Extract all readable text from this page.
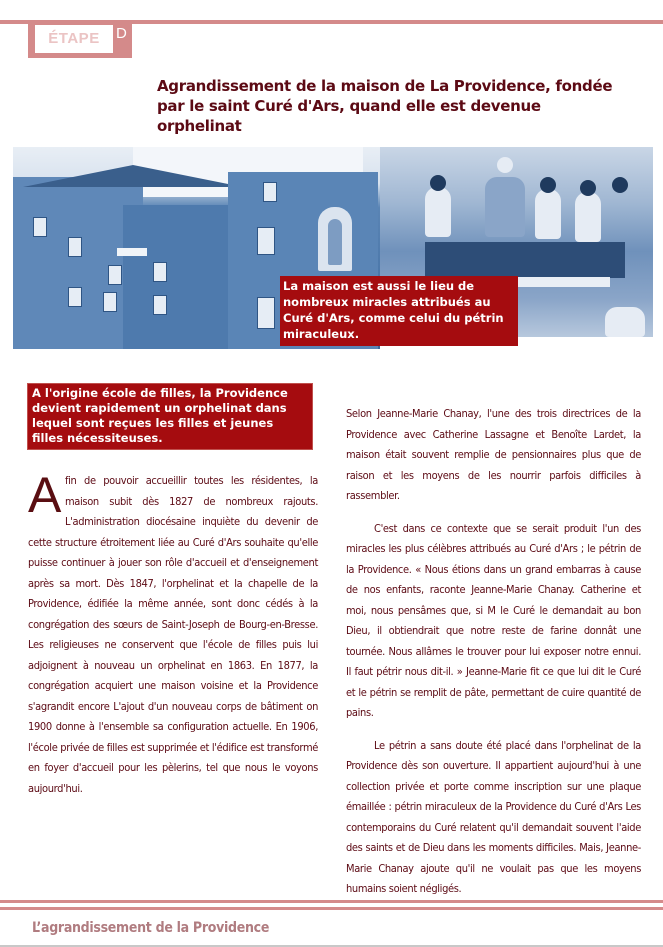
ÉTAPE	D
Agrandissement de la maison de La Providence, fondée
par le saint Curé d'Ars, quand elle est devenue orphelinat
La maison est aussi le lieu de nombreux miracles attribués au Curé d'Ars, comme celui du pétrin miraculeux.
A l'origine école de filles, la Providence devient rapidement un orphelinat dans lequel sont reçues les filles et jeunes filles nécessiteuses.
A fin de pouvoir accueillir toutes les résidentes, la maison subit dès 1827 de nombreux rajouts. L'administration diocésaine inquiète du devenir de cette structure étroitement liée au Curé d'Ars souhaite qu'elle puisse continuer à jouer son rôle d'accueil et d'enseignement après sa mort. Dès 1847, l'orphelinat et la chapelle de la Providence, édifiée la même année, sont donc cédés à la congrégation des sœurs de Saint-Joseph de Bourg-en-Bresse. Les religieuses ne conservent que l'école de filles puis lui adjoignent à nouveau un orphelinat en 1863. En 1877, la congrégation acquiert une maison voisine et la Providence s'agrandit encore L'ajout d'un nouveau corps de bâtiment on 1900 donne à l'ensemble sa configuration actuelle. En 1906, l'école privée de filles est supprimée et l'édifice est transformé en foyer d'accueil pour les pèlerins, tel que nous le voyons aujourd'hui.

Selon Jeanne-Marie Chanay, l'une des trois directrices de la Providence avec Catherine Lassagne et Benoîte Lardet, la maison était souvent remplie de pensionnaires plus que de raison et les moyens de les nourrir parfois difficiles à rassembler.

C'est dans ce contexte que se serait produit l'un des miracles les plus célèbres attribués au Curé d'Ars ; le pétrin de la Providence. « Nous étions dans un grand embarras à cause de nos enfants, raconte Jeanne-Marie Chanay. Catherine et moi, nous pensâmes que, si M le Curé le demandait au bon Dieu, il obtiendrait que notre reste de farine donnât une tournée. Nous allâmes le trouver pour lui exposer notre ennui. Il faut pétrir nous dit-il. » Jeanne-Marie fit ce que lui dit le Curé et le pétrin se remplit de pâte, permettant de cuire quantité de pains.

Le pétrin a sans doute été placé dans l'orphelinat de la Providence dès son ouverture. Il appartient aujourd'hui à une collection privée et porte comme inscription sur une plaque émaillée : pétrin miraculeux de la Providence du Curé d'Ars Les contemporains du Curé relatent qu'il demandait souvent l'aide des saints et de Dieu dans les moments difficiles. Mais, Jeanne-Marie Chanay ajoute qu'il ne voulait pas que les moyens humains soient négligés.

L’agrandissement de la Providence
